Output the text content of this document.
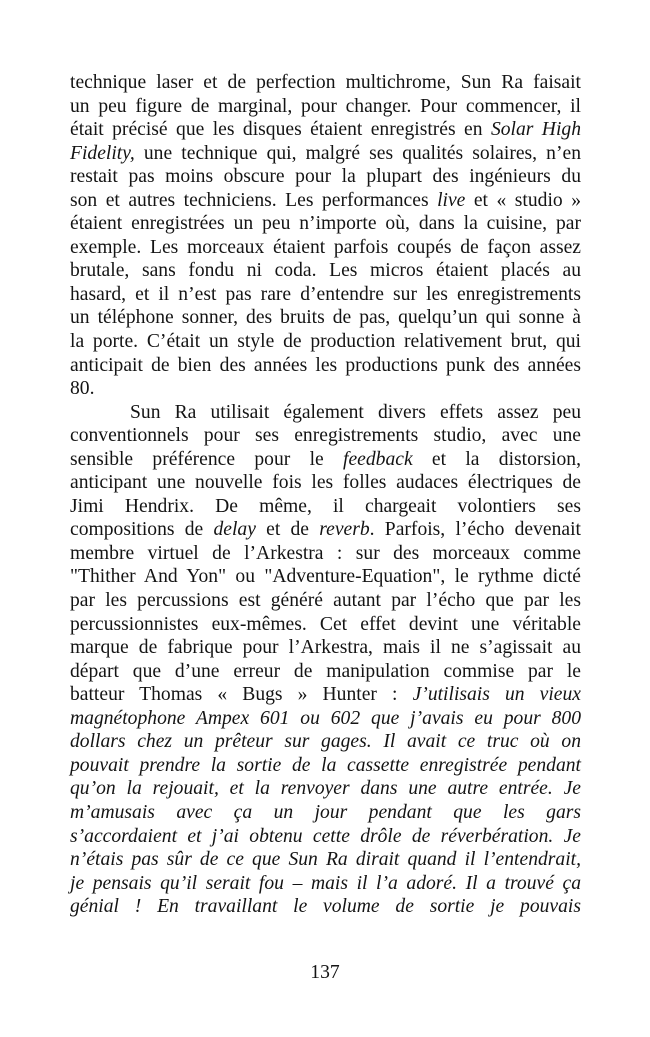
technique laser et de perfection multichrome, Sun Ra faisait
un peu figure de marginal, pour changer. Pour commencer, il
était précisé que les disques étaient enregistrés en Solar High
Fidelity, une technique qui, malgré ses qualités solaires, n’en
restait pas moins obscure pour la plupart des ingénieurs du
son et autres techniciens. Les performances live et « studio »
étaient enregistrées un peu n’importe où, dans la cuisine, par
exemple. Les morceaux étaient parfois coupés de façon assez
brutale, sans fondu ni coda. Les micros étaient placés au
hasard, et il n’est pas rare d’entendre sur les enregistrements
un téléphone sonner, des bruits de pas, quelqu’un qui sonne à
la porte. C’était un style de production relativement brut, qui
anticipait de bien des années les productions punk des années
80.
Sun Ra utilisait également divers effets assez peu
conventionnels pour ses enregistrements studio, avec une
sensible préférence pour le feedback et la distorsion,
anticipant une nouvelle fois les folles audaces électriques de
Jimi Hendrix. De même, il chargeait volontiers ses
compositions de delay et de reverb. Parfois, l’écho devenait
membre virtuel de l’Arkestra : sur des morceaux comme
"Thither And Yon" ou "Adventure-Equation", le rythme dicté
par les percussions est généré autant par l’écho que par les
percussionnistes eux-mêmes. Cet effet devint une véritable
marque de fabrique pour l’Arkestra, mais il ne s’agissait au
départ que d’une erreur de manipulation commise par le
batteur Thomas « Bugs » Hunter : J’utilisais un vieux
magnétophone Ampex 601 ou 602 que j’avais eu pour 800
dollars chez un prêteur sur gages. Il avait ce truc où on
pouvait prendre la sortie de la cassette enregistrée pendant
qu’on la rejouait, et la renvoyer dans une autre entrée. Je
m’amusais avec ça un jour pendant que les gars
s’accordaient et j’ai obtenu cette drôle de réverbération. Je
n’étais pas sûr de ce que Sun Ra dirait quand il l’entendrait,
je pensais qu’il serait fou – mais il l’a adoré. Il a trouvé ça
génial ! En travaillant le volume de sortie je pouvais
137
